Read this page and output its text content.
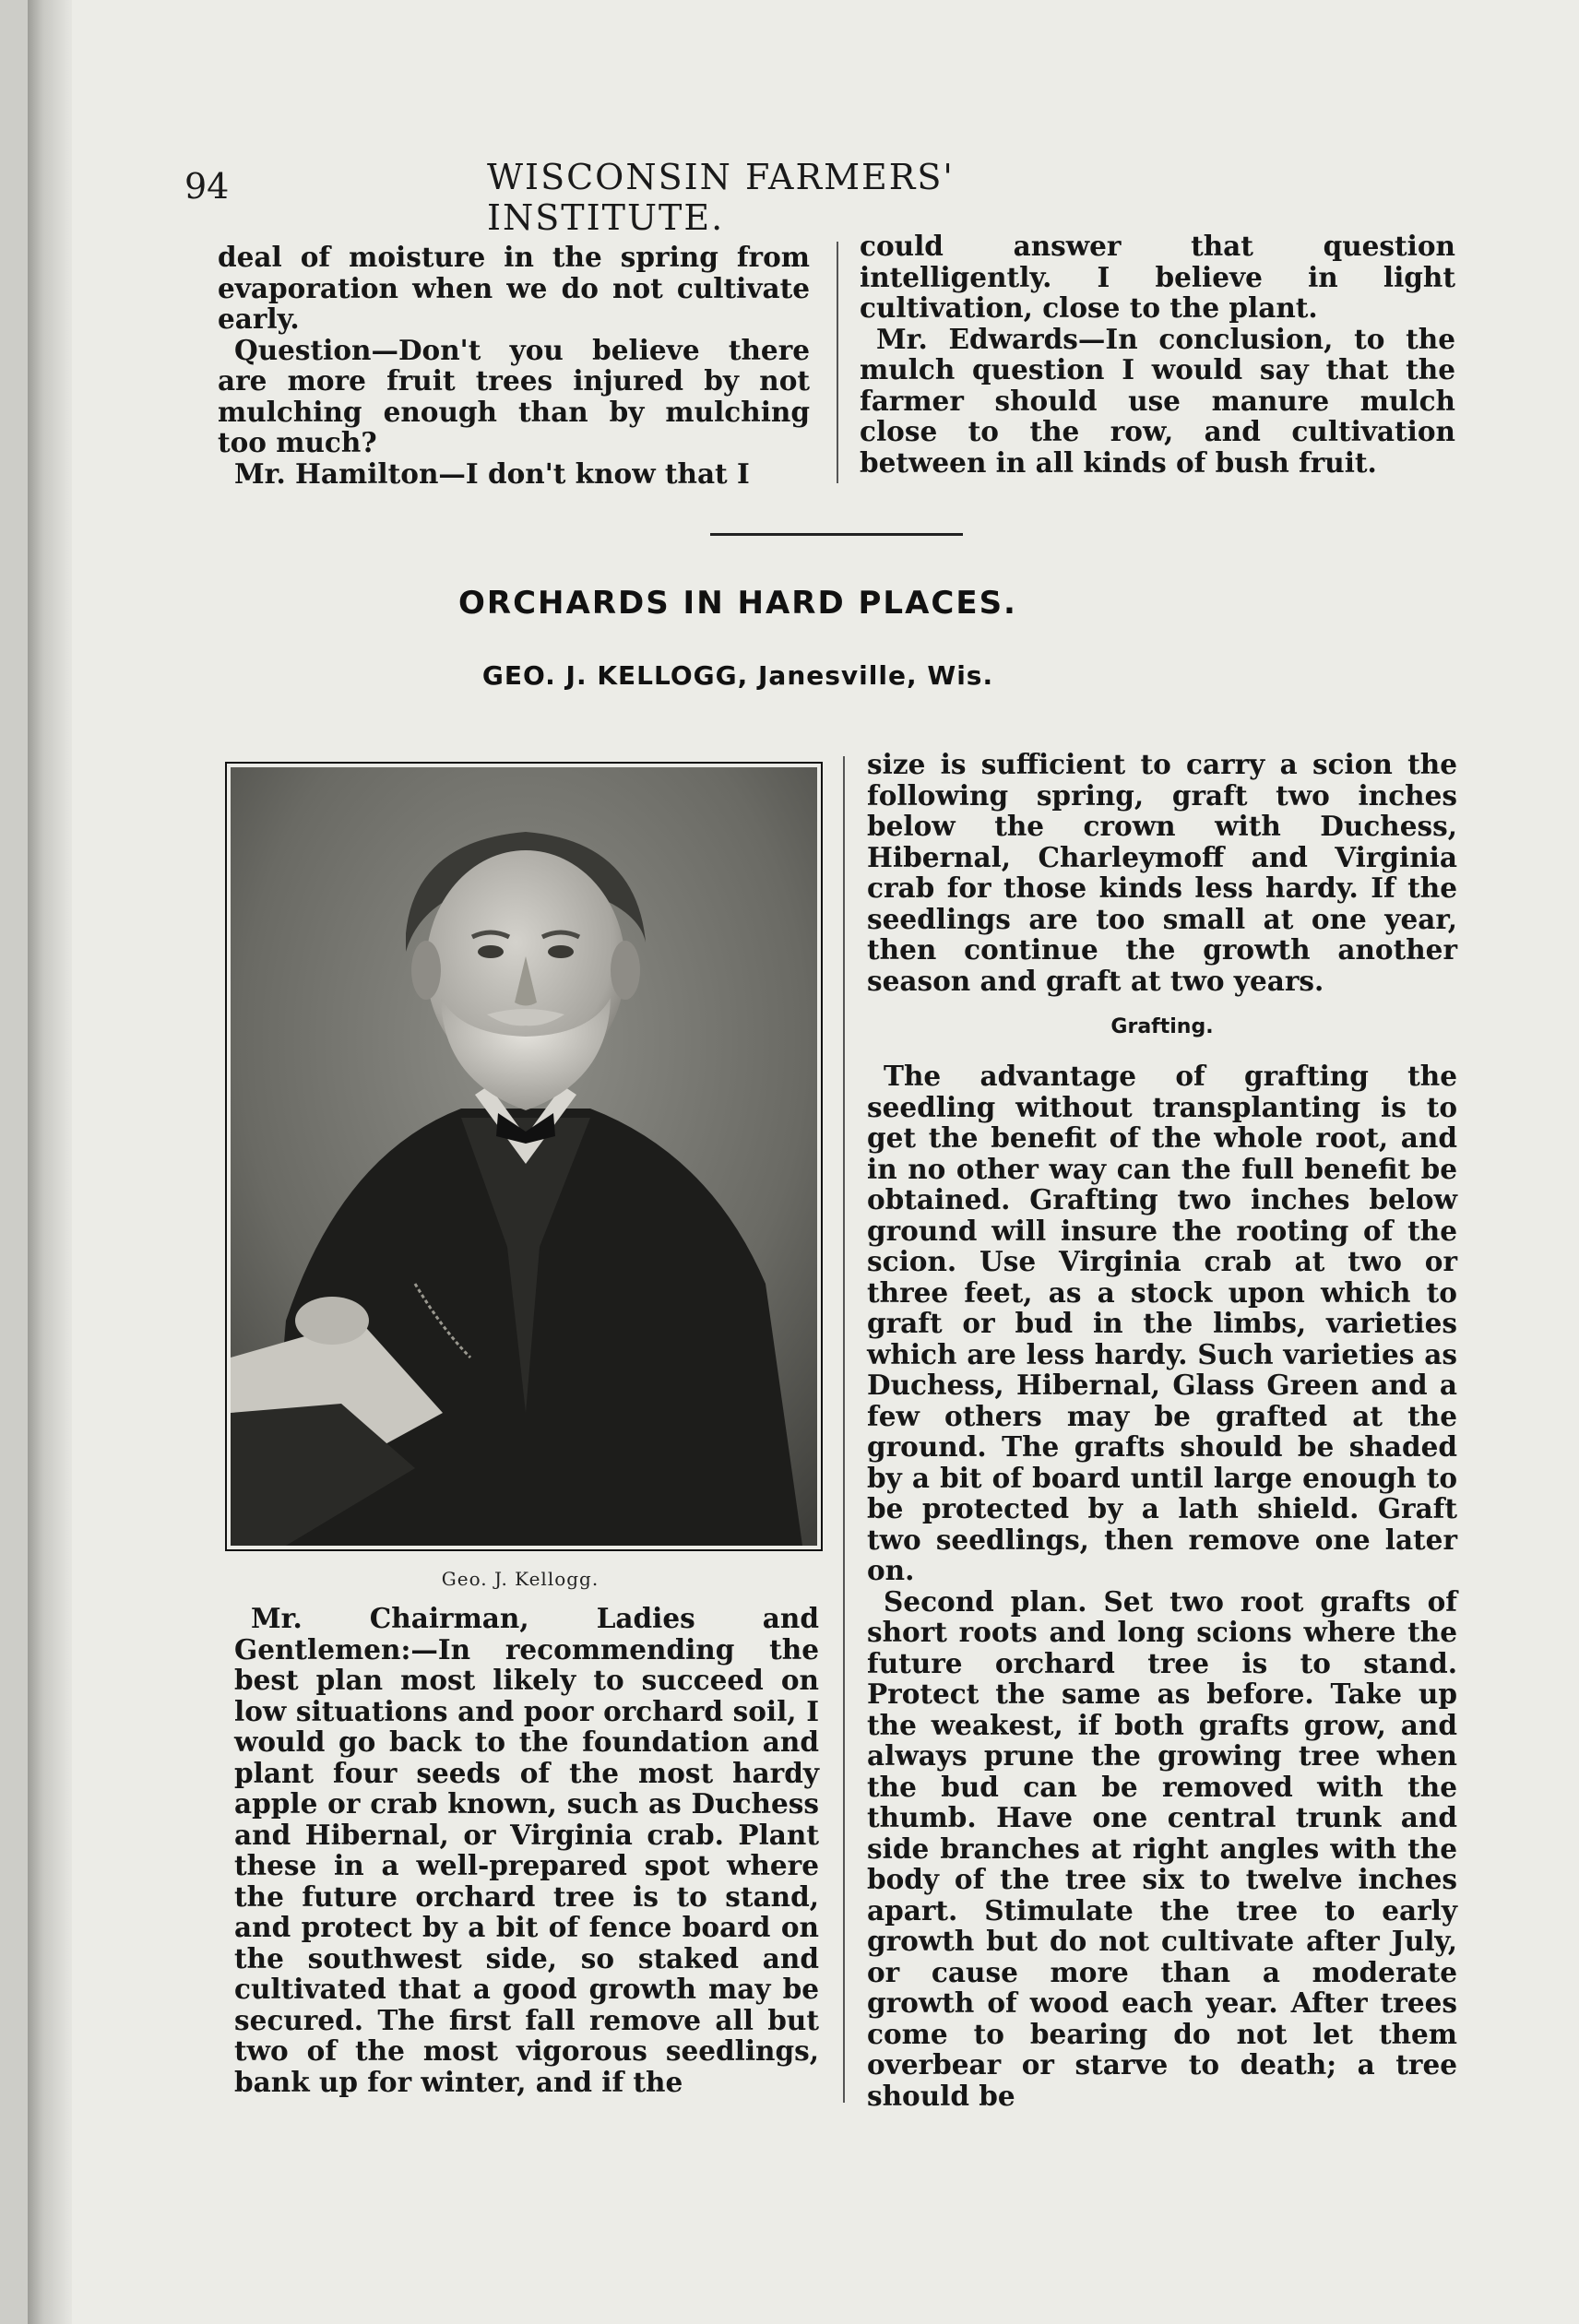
94	WISCONSIN FARMERS' INSTITUTE.

deal of moisture in the spring from evaporation when we do not cultivate early.

Question—Don't you believe there are more fruit trees injured by not mulching enough than by mulching too much?

Mr. Hamilton—I don't know that I

could answer that question intelligently. I believe in light cultivation, close to the plant.

Mr. Edwards—In conclusion, to the mulch question I would say that the farmer should use manure mulch close to the row, and cultivation between in all kinds of bush fruit.

ORCHARDS IN HARD PLACES.
GEO. J. KELLOGG, Janesville, Wis.
Geo. J. Kellogg.

Mr. Chairman, Ladies and Gentlemen:—In recommending the best plan most likely to succeed on low situations and poor orchard soil, I would go back to the foundation and plant four seeds of the most hardy apple or crab known, such as Duchess and Hibernal, or Virginia crab. Plant these in a well-prepared spot where the future orchard tree is to stand, and protect by a bit of fence board on the southwest side, so staked and cultivated that a good growth may be secured. The first fall remove all but two of the most vigorous seedlings, bank up for winter, and if the

size is sufficient to carry a scion the following spring, graft two inches below the crown with Duchess, Hibernal, Charleymoff and Virginia crab for those kinds less hardy. If the seedlings are too small at one year, then continue the growth another season and graft at two years.

Grafting.

The advantage of grafting the seedling without transplanting is to get the benefit of the whole root, and in no other way can the full benefit be obtained. Grafting two inches below ground will insure the rooting of the scion. Use Virginia crab at two or three feet, as a stock upon which to graft or bud in the limbs, varieties which are less hardy. Such varieties as Duchess, Hibernal, Glass Green and a few others may be grafted at the ground. The grafts should be shaded by a bit of board until large enough to be protected by a lath shield. Graft two seedlings, then remove one later on.

Second plan. Set two root grafts of short roots and long scions where the future orchard tree is to stand. Protect the same as before. Take up the weakest, if both grafts grow, and always prune the growing tree when the bud can be removed with the thumb. Have one central trunk and side branches at right angles with the body of the tree six to twelve inches apart. Stimulate the tree to early growth but do not cultivate after July, or cause more than a moderate growth of wood each year. After trees come to bearing do not let them overbear or starve to death; a tree should be
